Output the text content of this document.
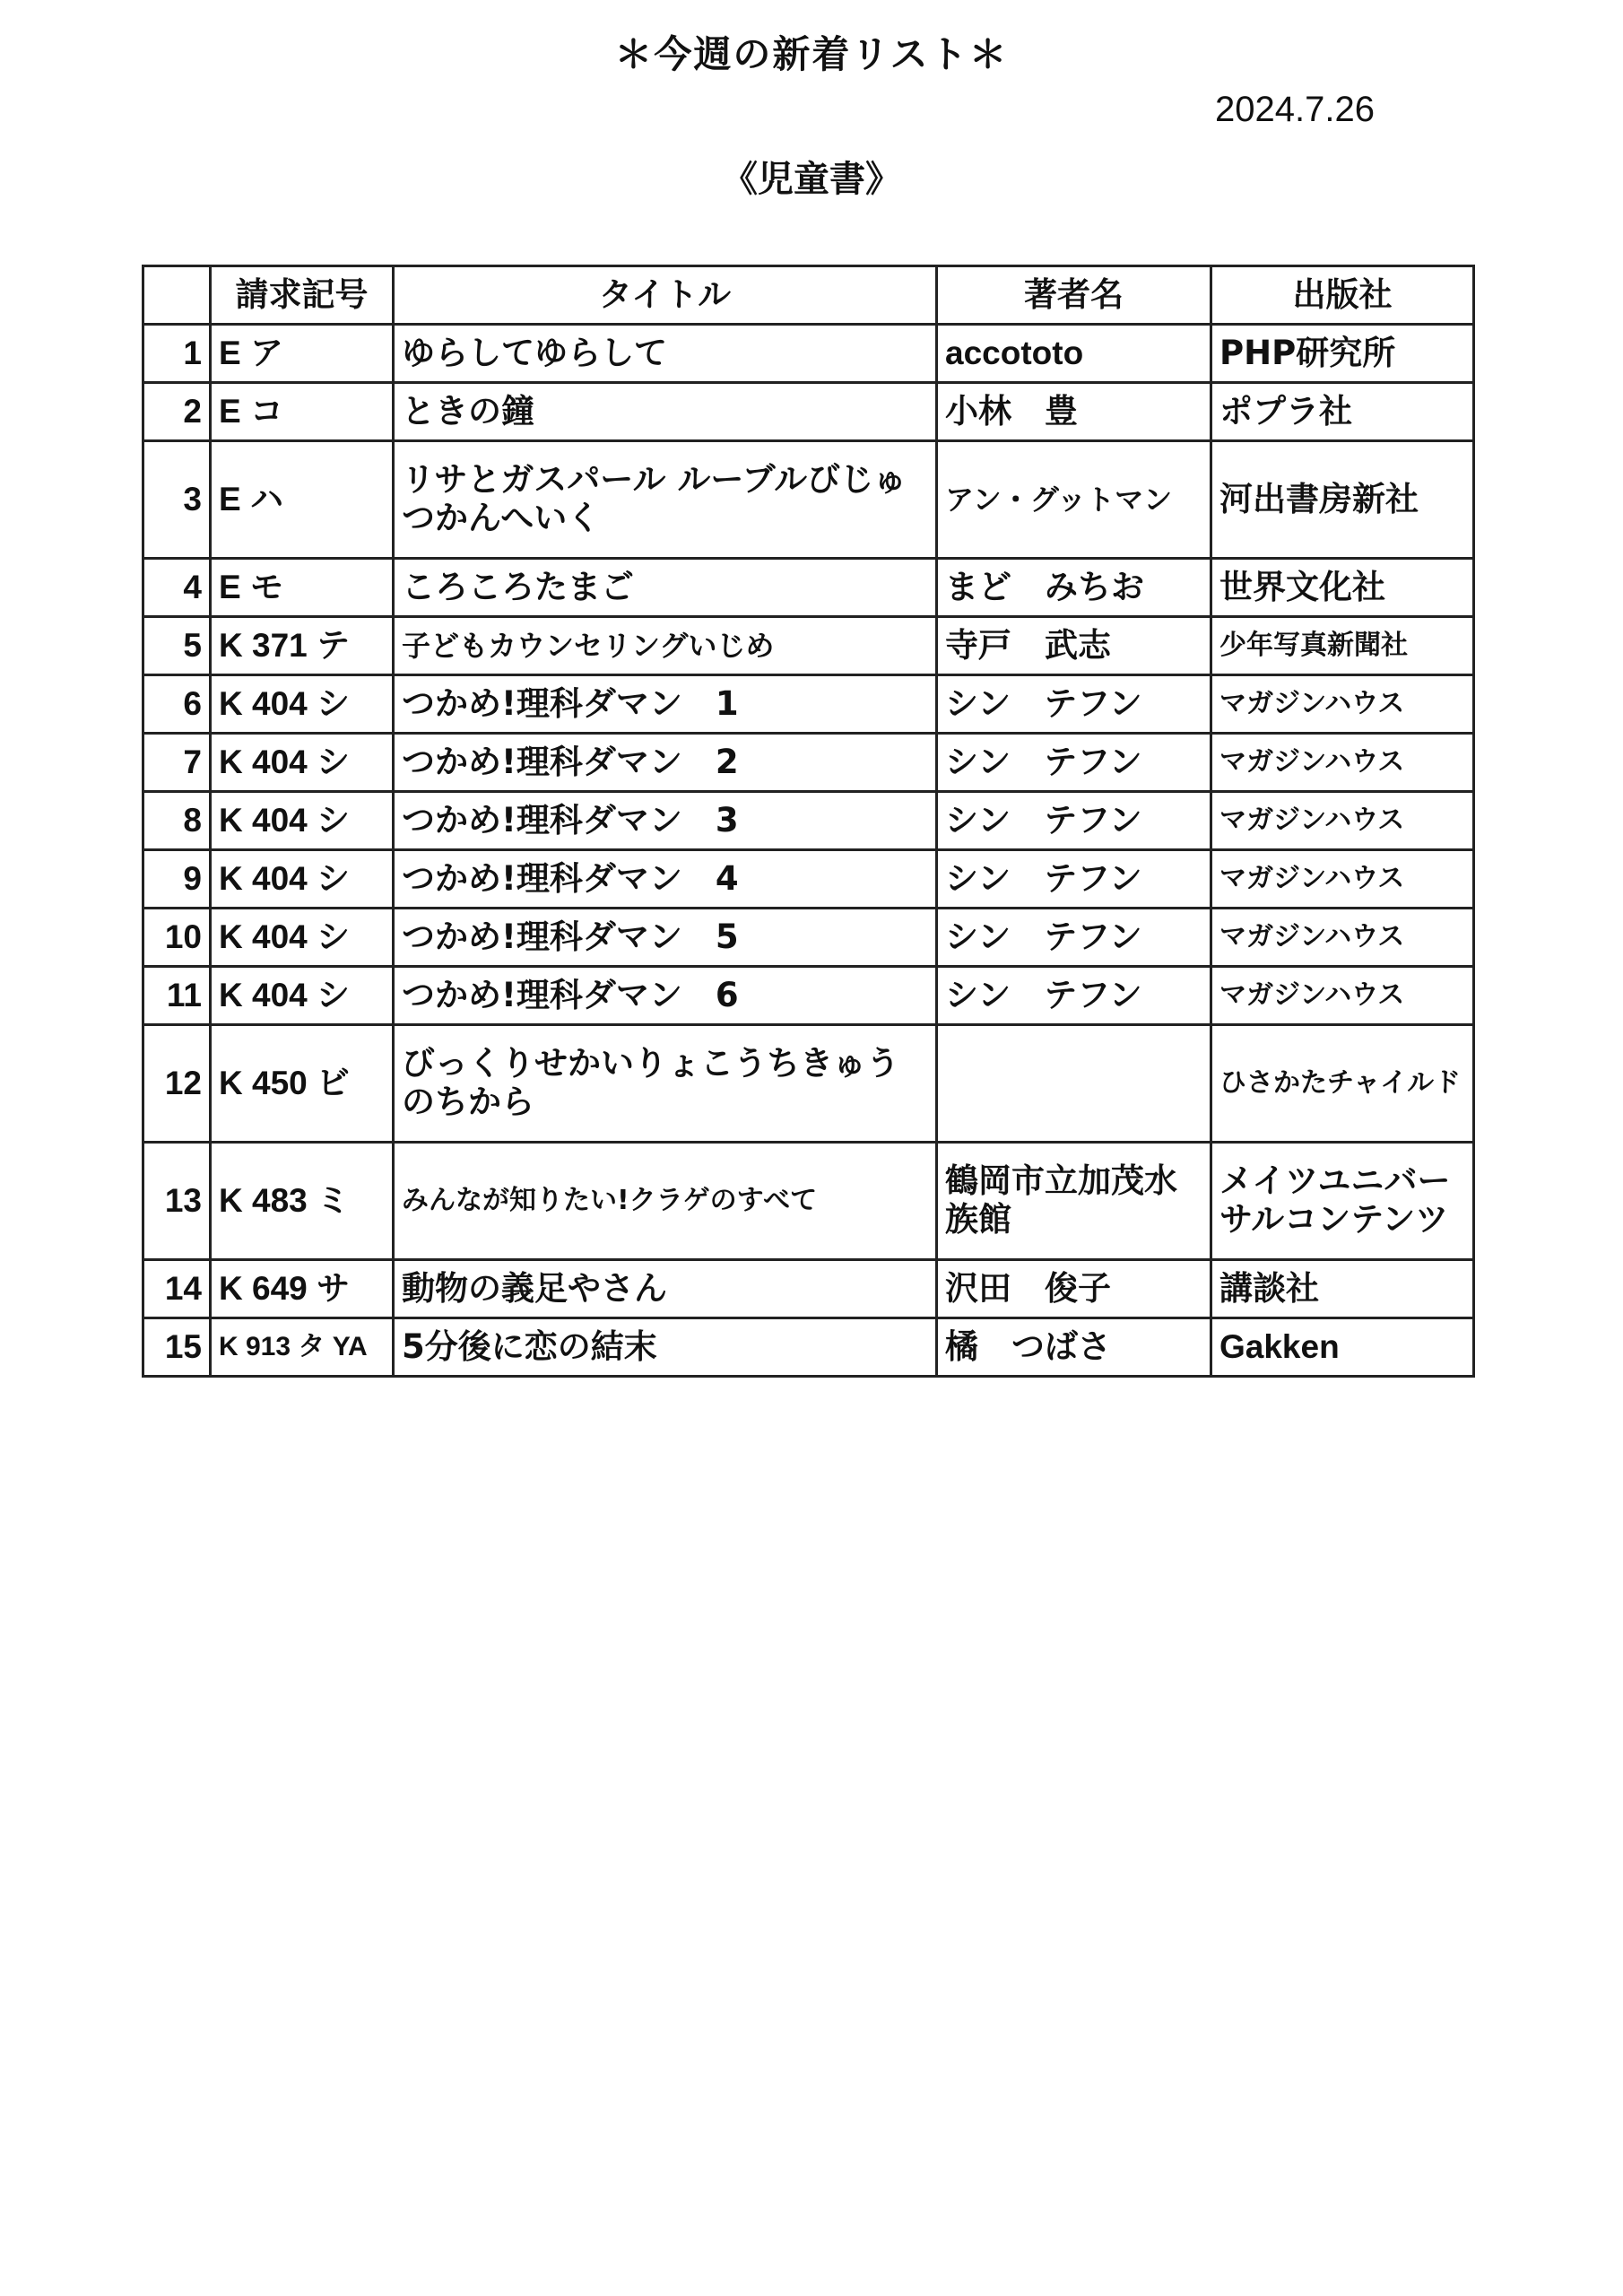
＊今週の新着リスト＊
2024.7.26
《児童書》
	請求記号	タイトル	著者名	出版社
1	E ア	ゆらしてゆらして	accototo	PHP研究所
2	E コ	ときの鐘	小林　豊	ポプラ社
3	E ハ	リサとガスパール ルーブルびじゅつかんへいく	アン・グットマン	河出書房新社
4	E モ	ころころたまご	まど　みちお	世界文化社
5	K 371 テ	子どもカウンセリングいじめ	寺戸　武志	少年写真新聞社
6	K 404 シ	つかめ!理科ダマン　1	シン　テフン	マガジンハウス
7	K 404 シ	つかめ!理科ダマン　2	シン　テフン	マガジンハウス
8	K 404 シ	つかめ!理科ダマン　3	シン　テフン	マガジンハウス
9	K 404 シ	つかめ!理科ダマン　4	シン　テフン	マガジンハウス
10	K 404 シ	つかめ!理科ダマン　5	シン　テフン	マガジンハウス
11	K 404 シ	つかめ!理科ダマン　6	シン　テフン	マガジンハウス
12	K 450 ビ	びっくりせかいりょこうちきゅうのちから		ひさかたチャイルド
13	K 483 ミ	みんなが知りたい!クラゲのすべて	鶴岡市立加茂水族館	メイツユニバーサルコンテンツ
14	K 649 サ	動物の義足やさん	沢田　俊子	講談社
15	K 913 タ YA	5分後に恋の結末	橘　つばさ	Gakken
